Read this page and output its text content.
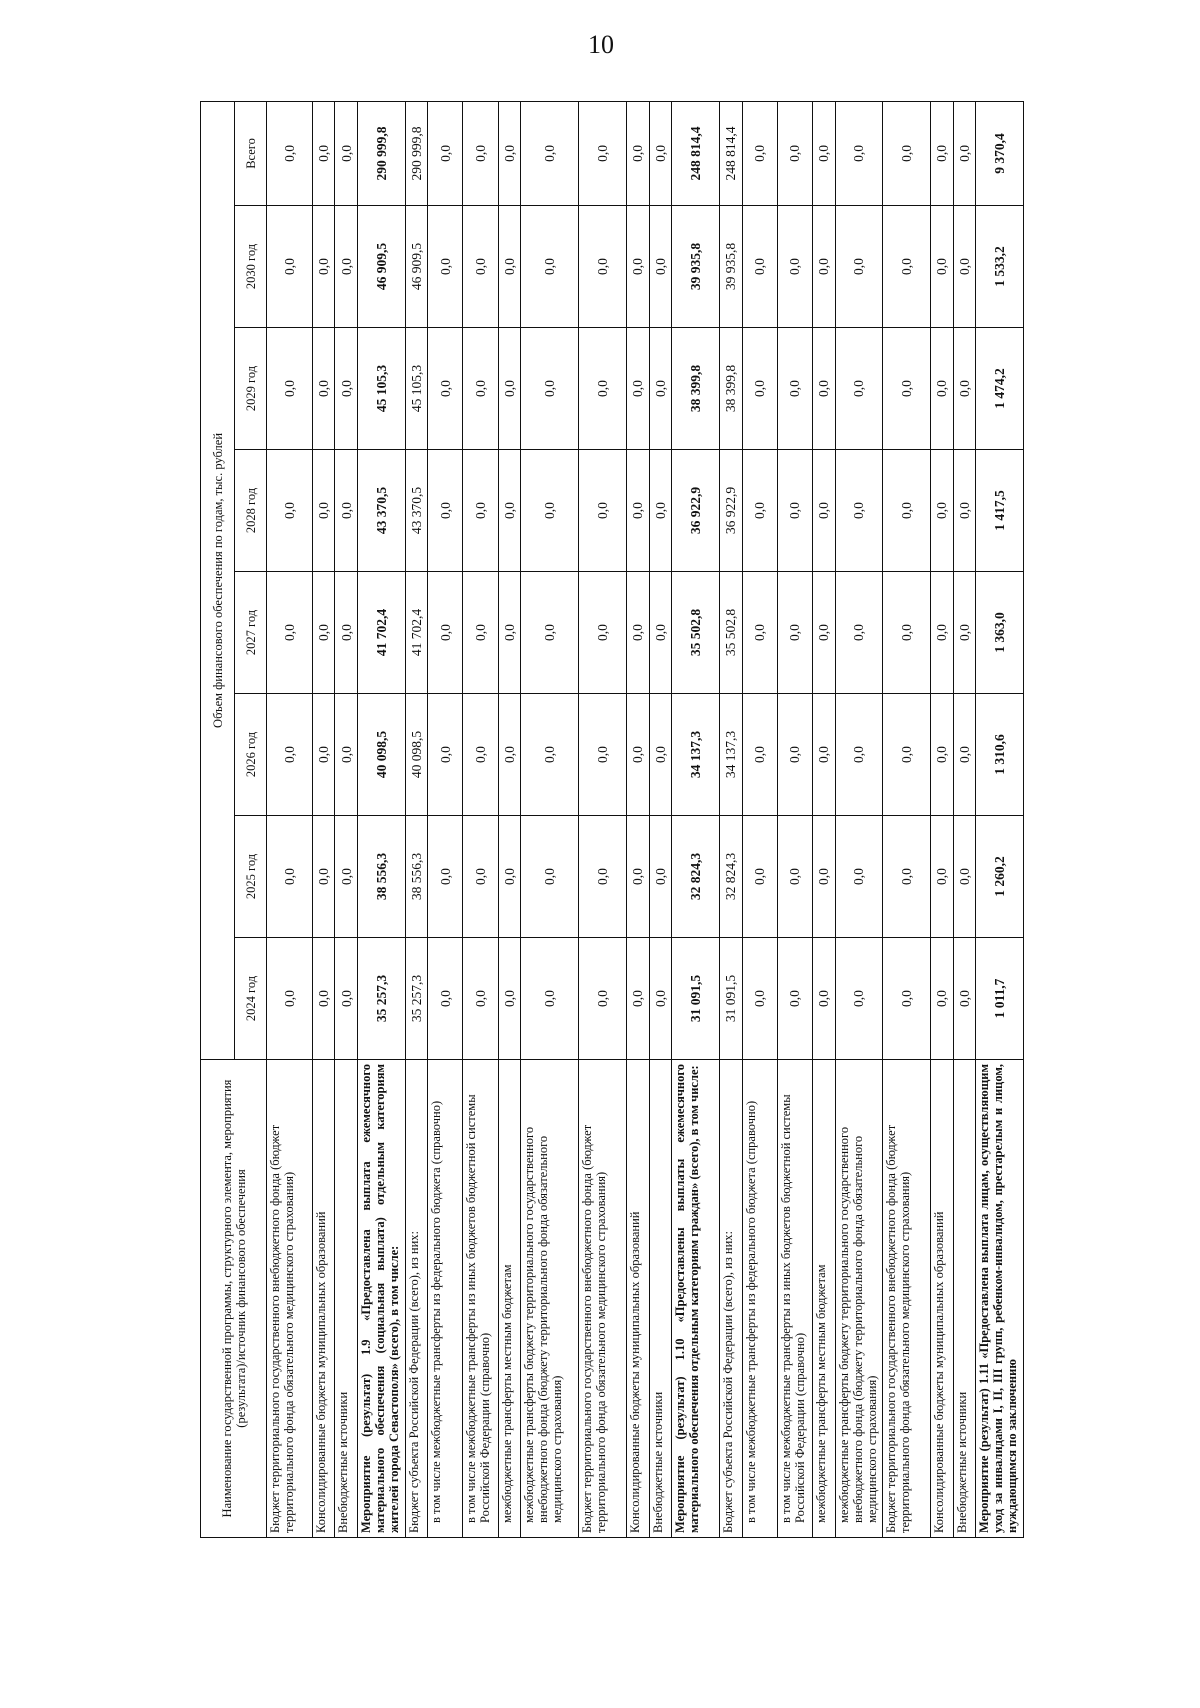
10
Наименование государственной программы, структурного элемента, мероприятия (результата)/источник финансового обеспечения	Объем финансового обеспечения по годам, тыс. рублей							
	2024 год	2025 год	2026 год	2027 год	2028 год	2029 год	2030 год	Всего
Бюджет территориального государственного внебюджетного фонда (бюджет территориального фонда обязательного медицинского страхования)	0,0	0,0	0,0	0,0	0,0	0,0	0,0	0,0
Консолидированные бюджеты муниципальных образований	0,0	0,0	0,0	0,0	0,0	0,0	0,0	0,0
Внебюджетные источники	0,0	0,0	0,0	0,0	0,0	0,0	0,0	0,0
Мероприятие (результат) 1.9 «Предоставлена выплата ежемесячного материального обеспечения (социальная выплата) отдельным категориям жителей города Севастополя» (всего), в том числе:	35 257,3	38 556,3	40 098,5	41 702,4	43 370,5	45 105,3	46 909,5	290 999,8
Бюджет субъекта Российской Федерации (всего), из них:	35 257,3	38 556,3	40 098,5	41 702,4	43 370,5	45 105,3	46 909,5	290 999,8
в том числе межбюджетные трансферты из федерального бюджета (справочно)	0,0	0,0	0,0	0,0	0,0	0,0	0,0	0,0
в том числе межбюджетные трансферты из иных бюджетов бюджетной системы Российской Федерации (справочно)	0,0	0,0	0,0	0,0	0,0	0,0	0,0	0,0
межбюджетные трансферты местным бюджетам	0,0	0,0	0,0	0,0	0,0	0,0	0,0	0,0
межбюджетные трансферты бюджету территориального государственного внебюджетного фонда (бюджету территориального фонда обязательного медицинского страхования)	0,0	0,0	0,0	0,0	0,0	0,0	0,0	0,0
Бюджет территориального государственного внебюджетного фонда (бюджет территориального фонда обязательного медицинского страхования)	0,0	0,0	0,0	0,0	0,0	0,0	0,0	0,0
Консолидированные бюджеты муниципальных образований	0,0	0,0	0,0	0,0	0,0	0,0	0,0	0,0
Внебюджетные источники	0,0	0,0	0,0	0,0	0,0	0,0	0,0	0,0
Мероприятие (результат) 1.10 «Предоставлены выплаты ежемесячного материального обеспечения отдельным категориям граждан» (всего), в том числе:	31 091,5	32 824,3	34 137,3	35 502,8	36 922,9	38 399,8	39 935,8	248 814,4
Бюджет субъекта Российской Федерации (всего), из них:	31 091,5	32 824,3	34 137,3	35 502,8	36 922,9	38 399,8	39 935,8	248 814,4
в том числе межбюджетные трансферты из федерального бюджета (справочно)	0,0	0,0	0,0	0,0	0,0	0,0	0,0	0,0
в том числе межбюджетные трансферты из иных бюджетов бюджетной системы Российской Федерации (справочно)	0,0	0,0	0,0	0,0	0,0	0,0	0,0	0,0
межбюджетные трансферты местным бюджетам	0,0	0,0	0,0	0,0	0,0	0,0	0,0	0,0
межбюджетные трансферты бюджету территориального государственного внебюджетного фонда (бюджету территориального фонда обязательного медицинского страхования)	0,0	0,0	0,0	0,0	0,0	0,0	0,0	0,0
Бюджет территориального государственного внебюджетного фонда (бюджет территориального фонда обязательного медицинского страхования)	0,0	0,0	0,0	0,0	0,0	0,0	0,0	0,0
Консолидированные бюджеты муниципальных образований	0,0	0,0	0,0	0,0	0,0	0,0	0,0	0,0
Внебюджетные источники	0,0	0,0	0,0	0,0	0,0	0,0	0,0	0,0
Мероприятие (результат) 1.11 «Предоставлена выплата лицам, осуществляющим уход за инвалидами I, II, III групп, ребенком-инвалидом, престарелым и лицом, нуждающимся по заключению	1 011,7	1 260,2	1 310,6	1 363,0	1 417,5	1 474,2	1 533,2	9 370,4
